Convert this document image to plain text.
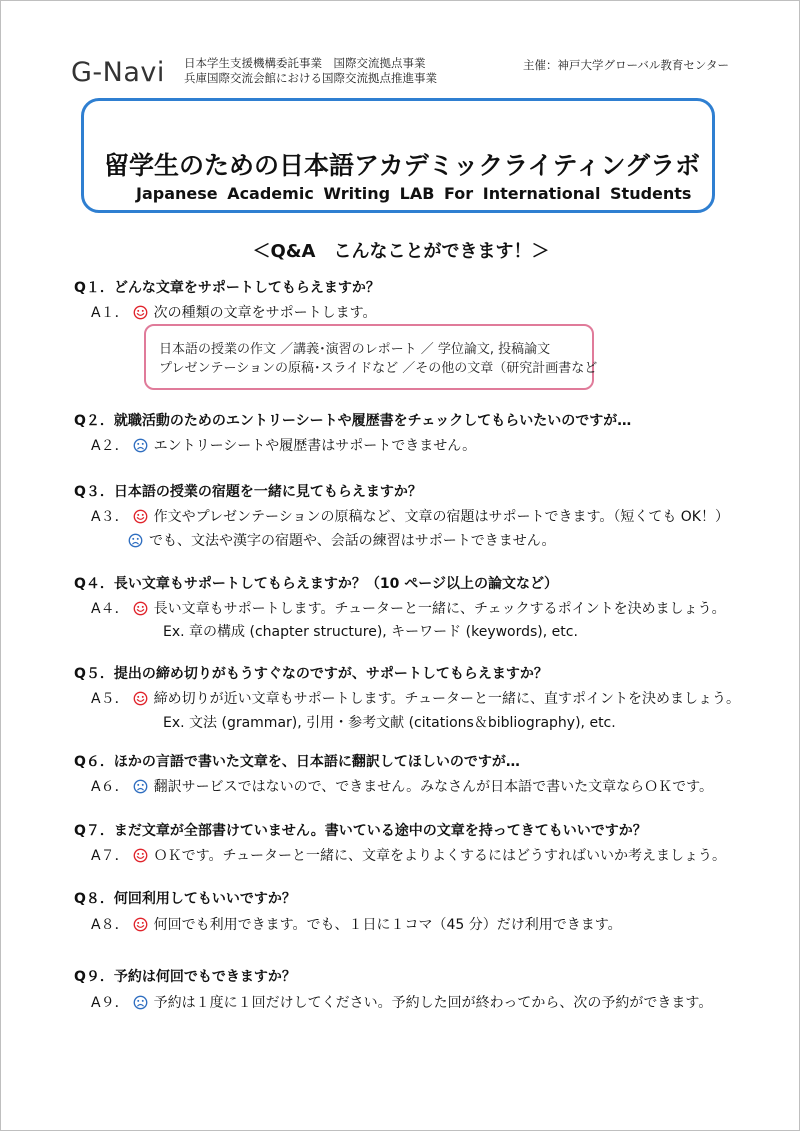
G-Navi 日本学生支援機構委託事業　国際交流拠点事業
兵庫国際交流会館における国際交流拠点推進事業
主催：神戸大学グローバル教育センター
留学生のための日本語アカデミックライティングラボ
Japanese Academic Writing LAB For International Students
＜Q&A　こんなことができます！＞
Q１．どんな文章をサポートしてもらえますか？
A１． 次の種類の文章をサポートします。
日本語の授業の作文 ／講義･演習のレポート ／ 学位論文, 投稿論文
プレゼンテーションの原稿･スライドなど ／その他の文章（研究計画書など
Q２．就職活動のためのエントリーシートや履歴書をチェックしてもらいたいのですが…
A２． エントリーシートや履歴書はサポートできません。
Q３．日本語の授業の宿題を一緒に見てもらえますか？
A３． 作文やプレゼンテーションの原稿など、文章の宿題はサポートできます。（短くても OK！）
でも、文法や漢字の宿題や、会話の練習はサポートできません。
Q４．長い文章もサポートしてもらえますか？（10 ページ以上の論文など）
A４． 長い文章もサポートします。チューターと一緒に、チェックするポイントを決めましょう。
Ex. 章の構成 (chapter structure), キーワード (keywords), etc.
Q５．提出の締め切りがもうすぐなのですが、サポートしてもらえますか？
A５． 締め切りが近い文章もサポートします。チューターと一緒に、直すポイントを決めましょう。
Ex. 文法 (grammar), 引用・参考文献 (citations＆bibliography), etc.
Q６．ほかの言語で書いた文章を、日本語に翻訳してほしいのですが…
A６． 翻訳サービスではないので、できません。みなさんが日本語で書いた文章ならＯＫです。
Q７．まだ文章が全部書けていません。書いている途中の文章を持ってきてもいいですか？
A７． ＯＫです。チューターと一緒に、文章をよりよくするにはどうすればいいか考えましょう。
Q８．何回利用してもいいですか？
A８． 何回でも利用できます。でも、１日に１コマ（45 分）だけ利用できます。
Q９．予約は何回でもできますか？
A９． 予約は１度に１回だけしてください。予約した回が終わってから、次の予約ができます。
